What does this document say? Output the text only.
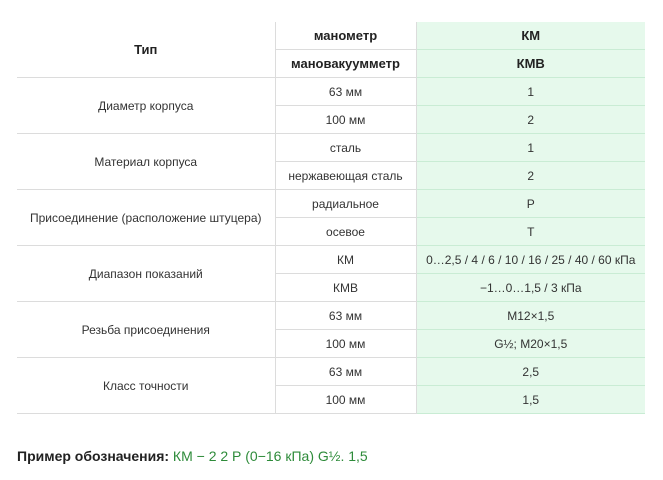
Тип	манометр	КМ
	мановакуумметр	КМВ
Диаметр корпуса	63 мм	1
	100 мм	2
Материал корпуса	сталь	1
	нержавеющая сталь	2
Присоединение (расположение штуцера)	радиальное	Р
	осевое	Т
Диапазон показаний	КМ	0…2,5 / 4 / 6 / 10 / 16 / 25 / 40 / 60 кПа
	КМВ	−1…0…1,5 / 3 кПа
Резьба присоединения	63 мм	М12×1,5
	100 мм	G½; М20×1,5
Класс точности	63 мм	2,5
	100 мм	1,5
Пример обозначения: КМ − 2 2 Р (0−16 кПа) G½. 1,5
